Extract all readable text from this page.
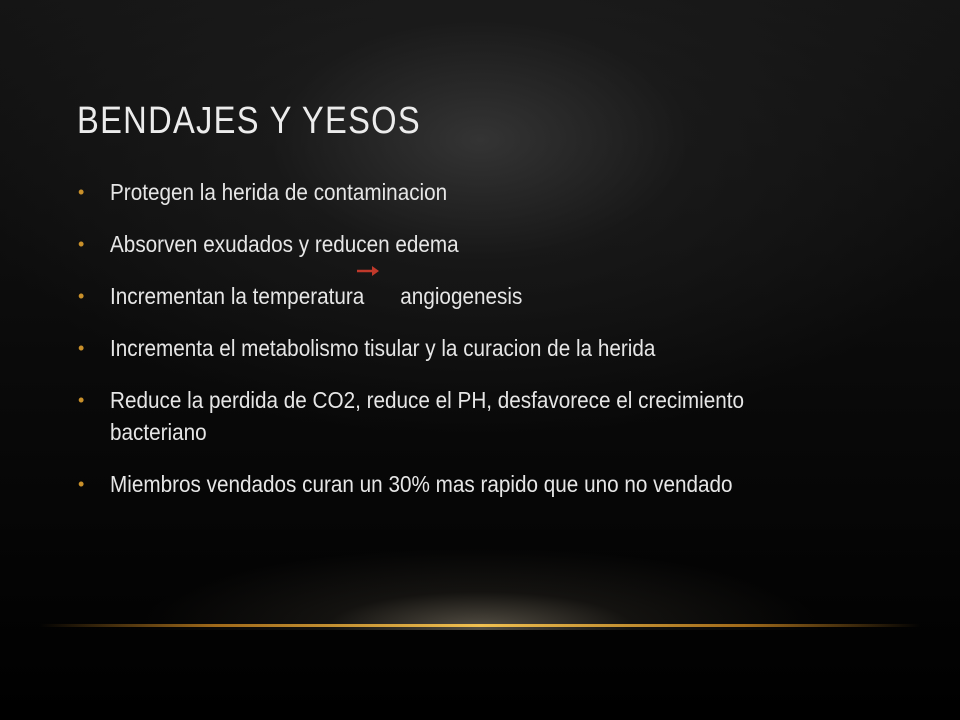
BENDAJES Y YESOS
• Protegen la herida de contaminacion
• Absorven exudados y reducen edema
• Incrementan la temperatura angiogenesis
• Incrementa el metabolismo tisular y la curacion de la herida
• Reduce la perdida de CO2, reduce el PH, desfavorece el crecimiento bacteriano
• Miembros vendados curan un 30% mas rapido que uno no vendado
